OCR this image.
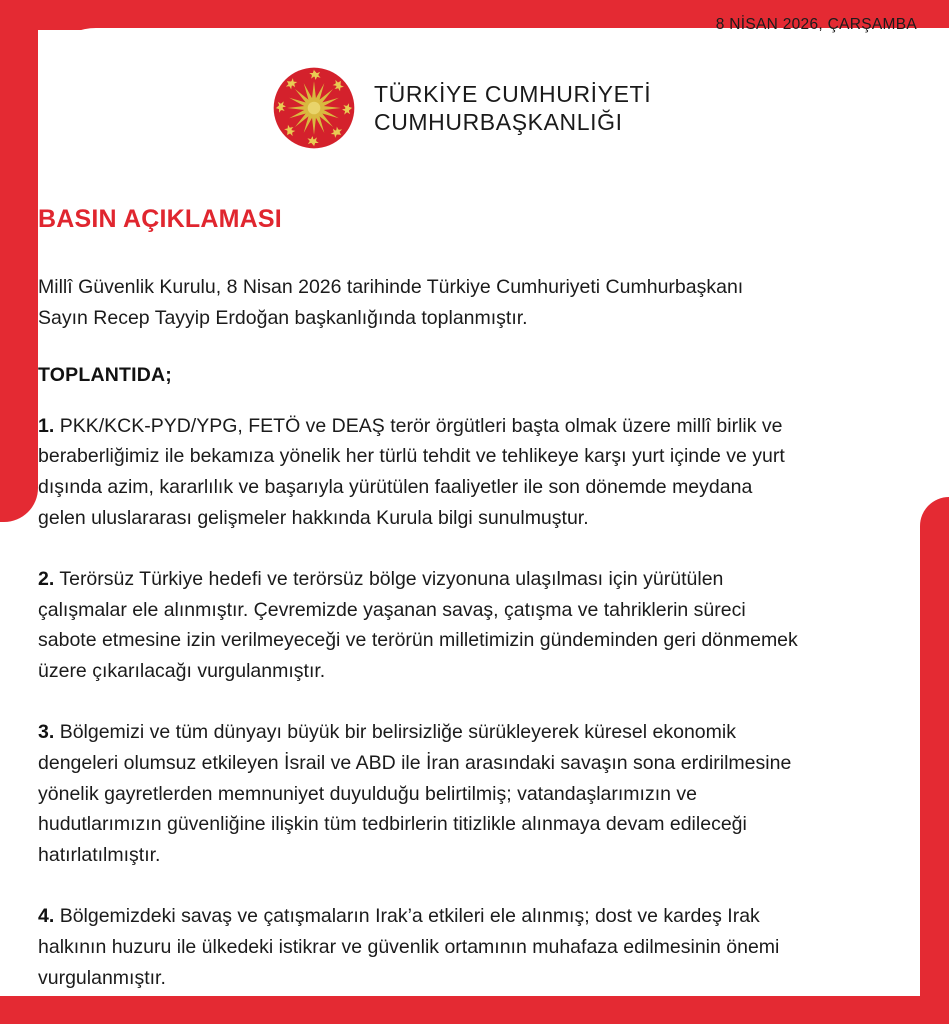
8 NİSAN 2026, ÇARŞAMBA
TÜRKİYE CUMHURİYETİ
CUMHURBAŞKANLIĞI
BASIN AÇIKLAMASI

Millî Güvenlik Kurulu, 8 Nisan 2026 tarihinde Türkiye Cumhuriyeti Cumhurbaşkanı Sayın Recep Tayyip Erdoğan başkanlığında toplanmıştır.

TOPLANTIDA;

1. PKK/KCK-PYD/YPG, FETÖ ve DEAŞ terör örgütleri başta olmak üzere millî birlik ve beraberliğimiz ile bekamıza yönelik her türlü tehdit ve tehlikeye karşı yurt içinde ve yurt dışında azim, kararlılık ve başarıyla yürütülen faaliyetler ile son dönemde meydana gelen uluslararası gelişmeler hakkında Kurula bilgi sunulmuştur.

2. Terörsüz Türkiye hedefi ve terörsüz bölge vizyonuna ulaşılması için yürütülen çalışmalar ele alınmıştır. Çevremizde yaşanan savaş, çatışma ve tahriklerin süreci sabote etmesine izin verilmeyeceği ve terörün milletimizin gündeminden geri dönmemek üzere çıkarılacağı vurgulanmıştır.

3. Bölgemizi ve tüm dünyayı büyük bir belirsizliğe sürükleyerek küresel ekonomik dengeleri olumsuz etkileyen İsrail ve ABD ile İran arasındaki savaşın sona erdirilmesine yönelik gayretlerden memnuniyet duyulduğu belirtilmiş; vatandaşlarımızın ve hudutlarımızın güvenliğine ilişkin tüm tedbirlerin titizlikle alınmaya devam edileceği hatırlatılmıştır.

4. Bölgemizdeki savaş ve çatışmaların Irak’a etkileri ele alınmış; dost ve kardeş Irak halkının huzuru ile ülkedeki istikrar ve güvenlik ortamının muhafaza edilmesinin önemi vurgulanmıştır.
